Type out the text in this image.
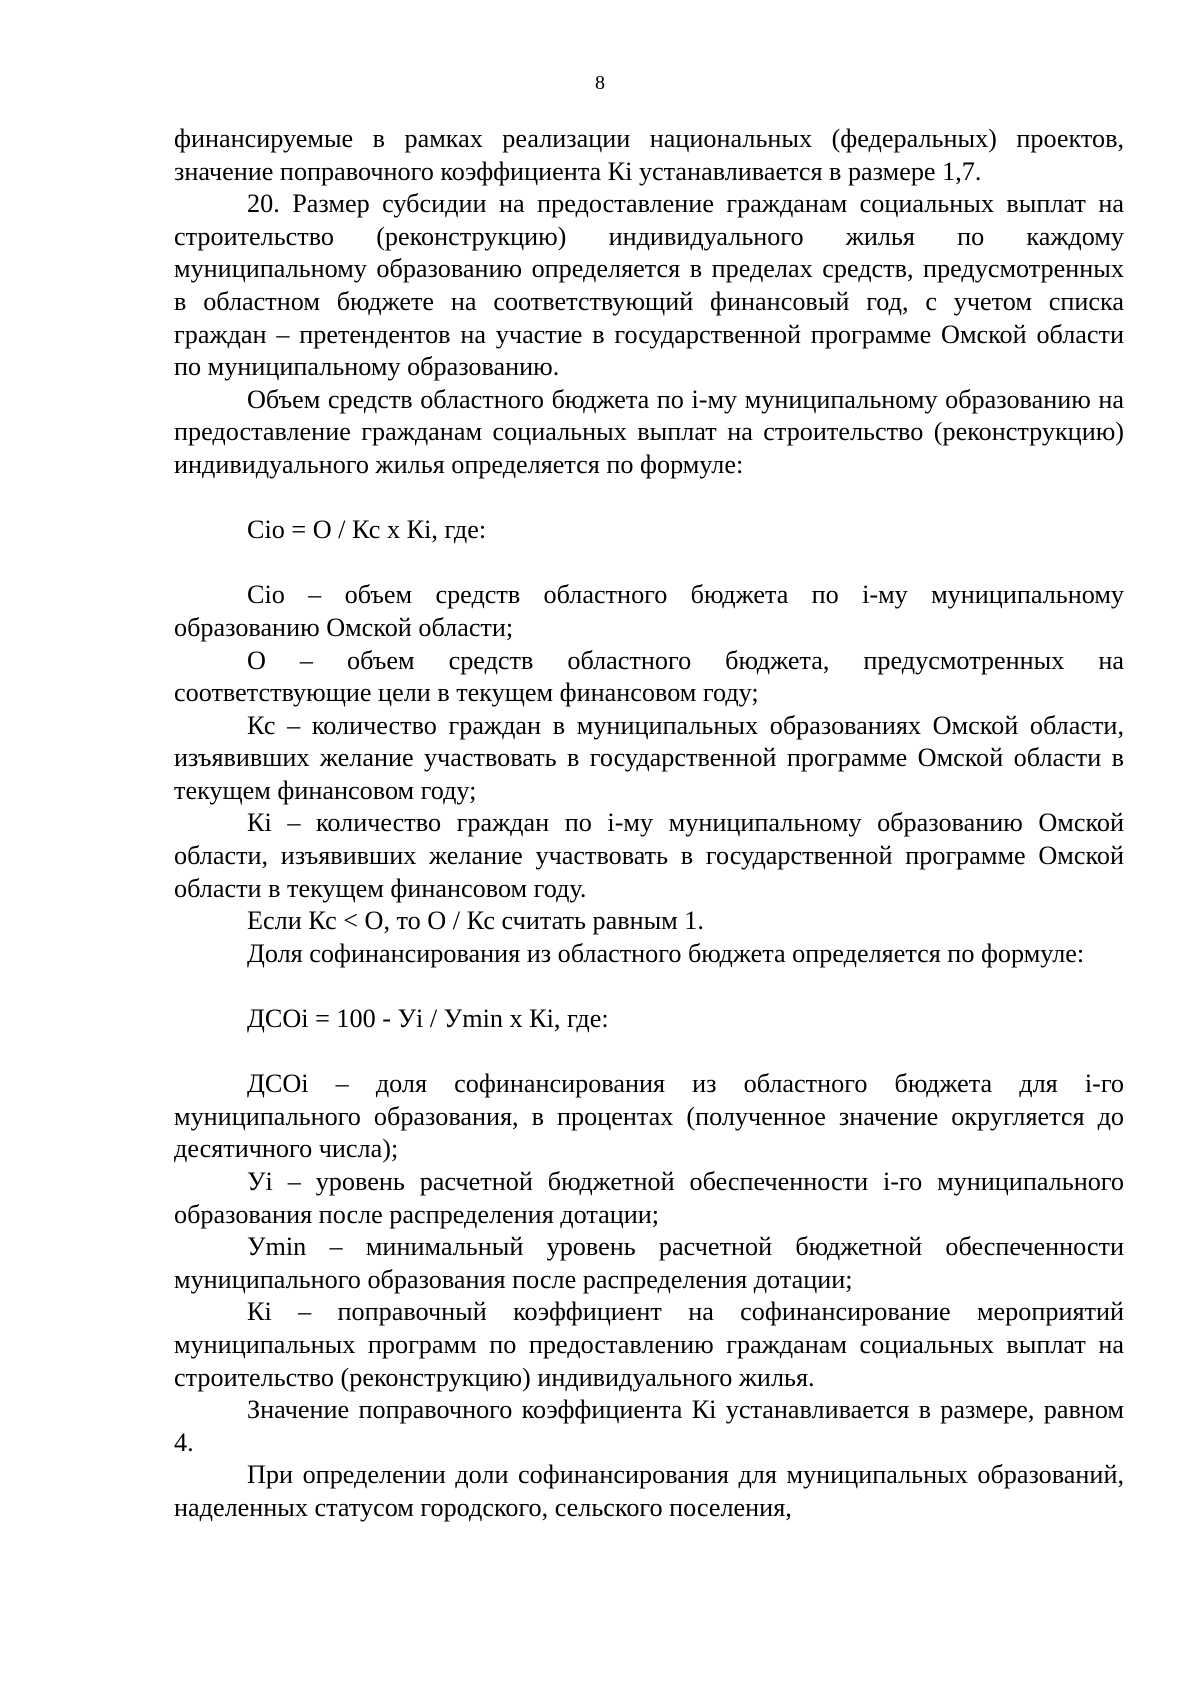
8

финансируемые в рамках реализации национальных (федеральных) проектов, значение поправочного коэффициента Кi устанавливается в размере 1,7.

20. Размер субсидии на предоставление гражданам социальных выплат на строительство (реконструкцию) индивидуального жилья по каждому муниципальному образованию определяется в пределах средств, предусмотренных в областном бюджете на соответствующий финансовый год, с учетом списка граждан – претендентов на участие в государственной программе Омской области по муниципальному образованию.

Объем средств областного бюджета по i-му муниципальному образованию на предоставление гражданам социальных выплат на строительство (реконструкцию) индивидуального жилья определяется по формуле:

Сio = О / Кс х Кi, где:

Сio – объем средств областного бюджета по i-му муниципальному образованию Омской области;

О – объем средств областного бюджета, предусмотренных на соответствующие цели в текущем финансовом году;

Кс – количество граждан в муниципальных образованиях Омской области, изъявивших желание участвовать в государственной программе Омской области в текущем финансовом году;

Кi – количество граждан по i-му муниципальному образованию Омской области, изъявивших желание участвовать в государственной программе Омской области в текущем финансовом году.

Если Кс < О, то О / Кс считать равным 1.

Доля софинансирования из областного бюджета определяется по формуле:

ДСОi = 100 - Уi / Уmin x Кi, где:

ДСОi – доля софинансирования из областного бюджета для i-го муниципального образования, в процентах (полученное значение округляется до десятичного числа);

Уi – уровень расчетной бюджетной обеспеченности i-го муниципального образования после распределения дотации;

Уmin – минимальный уровень расчетной бюджетной обеспеченности муниципального образования после распределения дотации;

Кi – поправочный коэффициент на софинансирование мероприятий муниципальных программ по предоставлению гражданам социальных выплат на строительство (реконструкцию) индивидуального жилья.

Значение поправочного коэффициента Кi устанавливается в размере, равном 4.

При определении доли софинансирования для муниципальных образований, наделенных статусом городского, сельского поселения,
